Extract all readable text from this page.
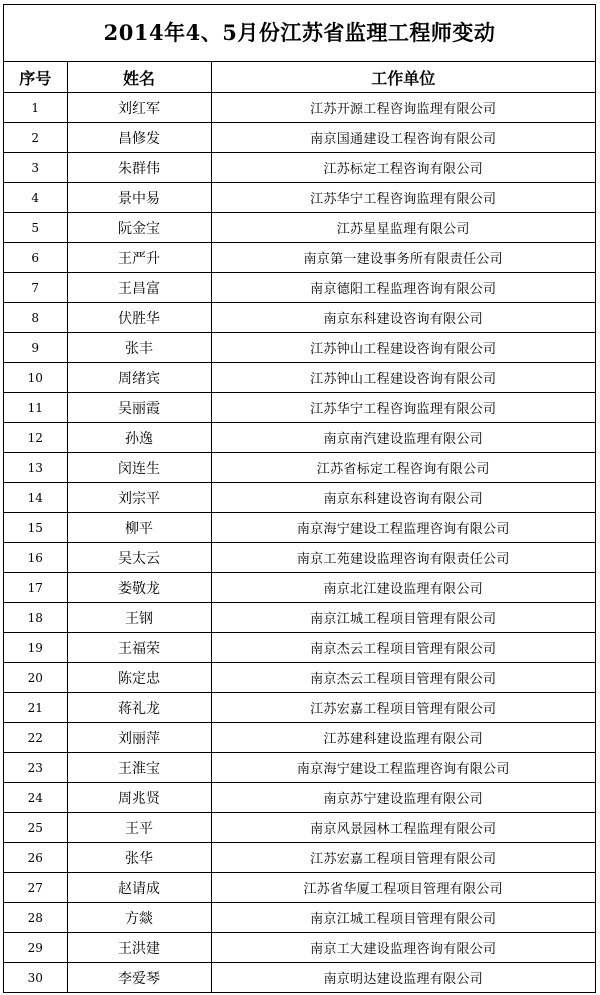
2014年4、5月份江苏省监理工程师变动
序号	姓名	工作单位
1	刘红军	江苏开源工程咨询监理有限公司
2	昌修发	南京国通建设工程咨询有限公司
3	朱群伟	江苏标定工程咨询有限公司
4	景中易	江苏华宁工程咨询监理有限公司
5	阮金宝	江苏星星监理有限公司
6	王严升	南京第一建设事务所有限责任公司
7	王昌富	南京德阳工程监理咨询有限公司
8	伏胜华	南京东科建设咨询有限公司
9	张丰	江苏钟山工程建设咨询有限公司
10	周绪宾	江苏钟山工程建设咨询有限公司
11	吴丽霞	江苏华宁工程咨询监理有限公司
12	孙逸	南京南汽建设监理有限公司
13	闵连生	江苏省标定工程咨询有限公司
14	刘宗平	南京东科建设咨询有限公司
15	柳平	南京海宁建设工程监理咨询有限公司
16	吴太云	南京工苑建设监理咨询有限责任公司
17	娄敬龙	南京北江建设监理有限公司
18	王钢	南京江城工程项目管理有限公司
19	王福荣	南京杰云工程项目管理有限公司
20	陈定忠	南京杰云工程项目管理有限公司
21	蒋礼龙	江苏宏嘉工程项目管理有限公司
22	刘丽萍	江苏建科建设监理有限公司
23	王淮宝	南京海宁建设工程监理咨询有限公司
24	周兆贤	南京苏宁建设监理有限公司
25	王平	南京风景园林工程监理有限公司
26	张华	江苏宏嘉工程项目管理有限公司
27	赵请成	江苏省华厦工程项目管理有限公司
28	方燚	南京江城工程项目管理有限公司
29	王洪建	南京工大建设监理咨询有限公司
30	李爱琴	南京明达建设监理有限公司
